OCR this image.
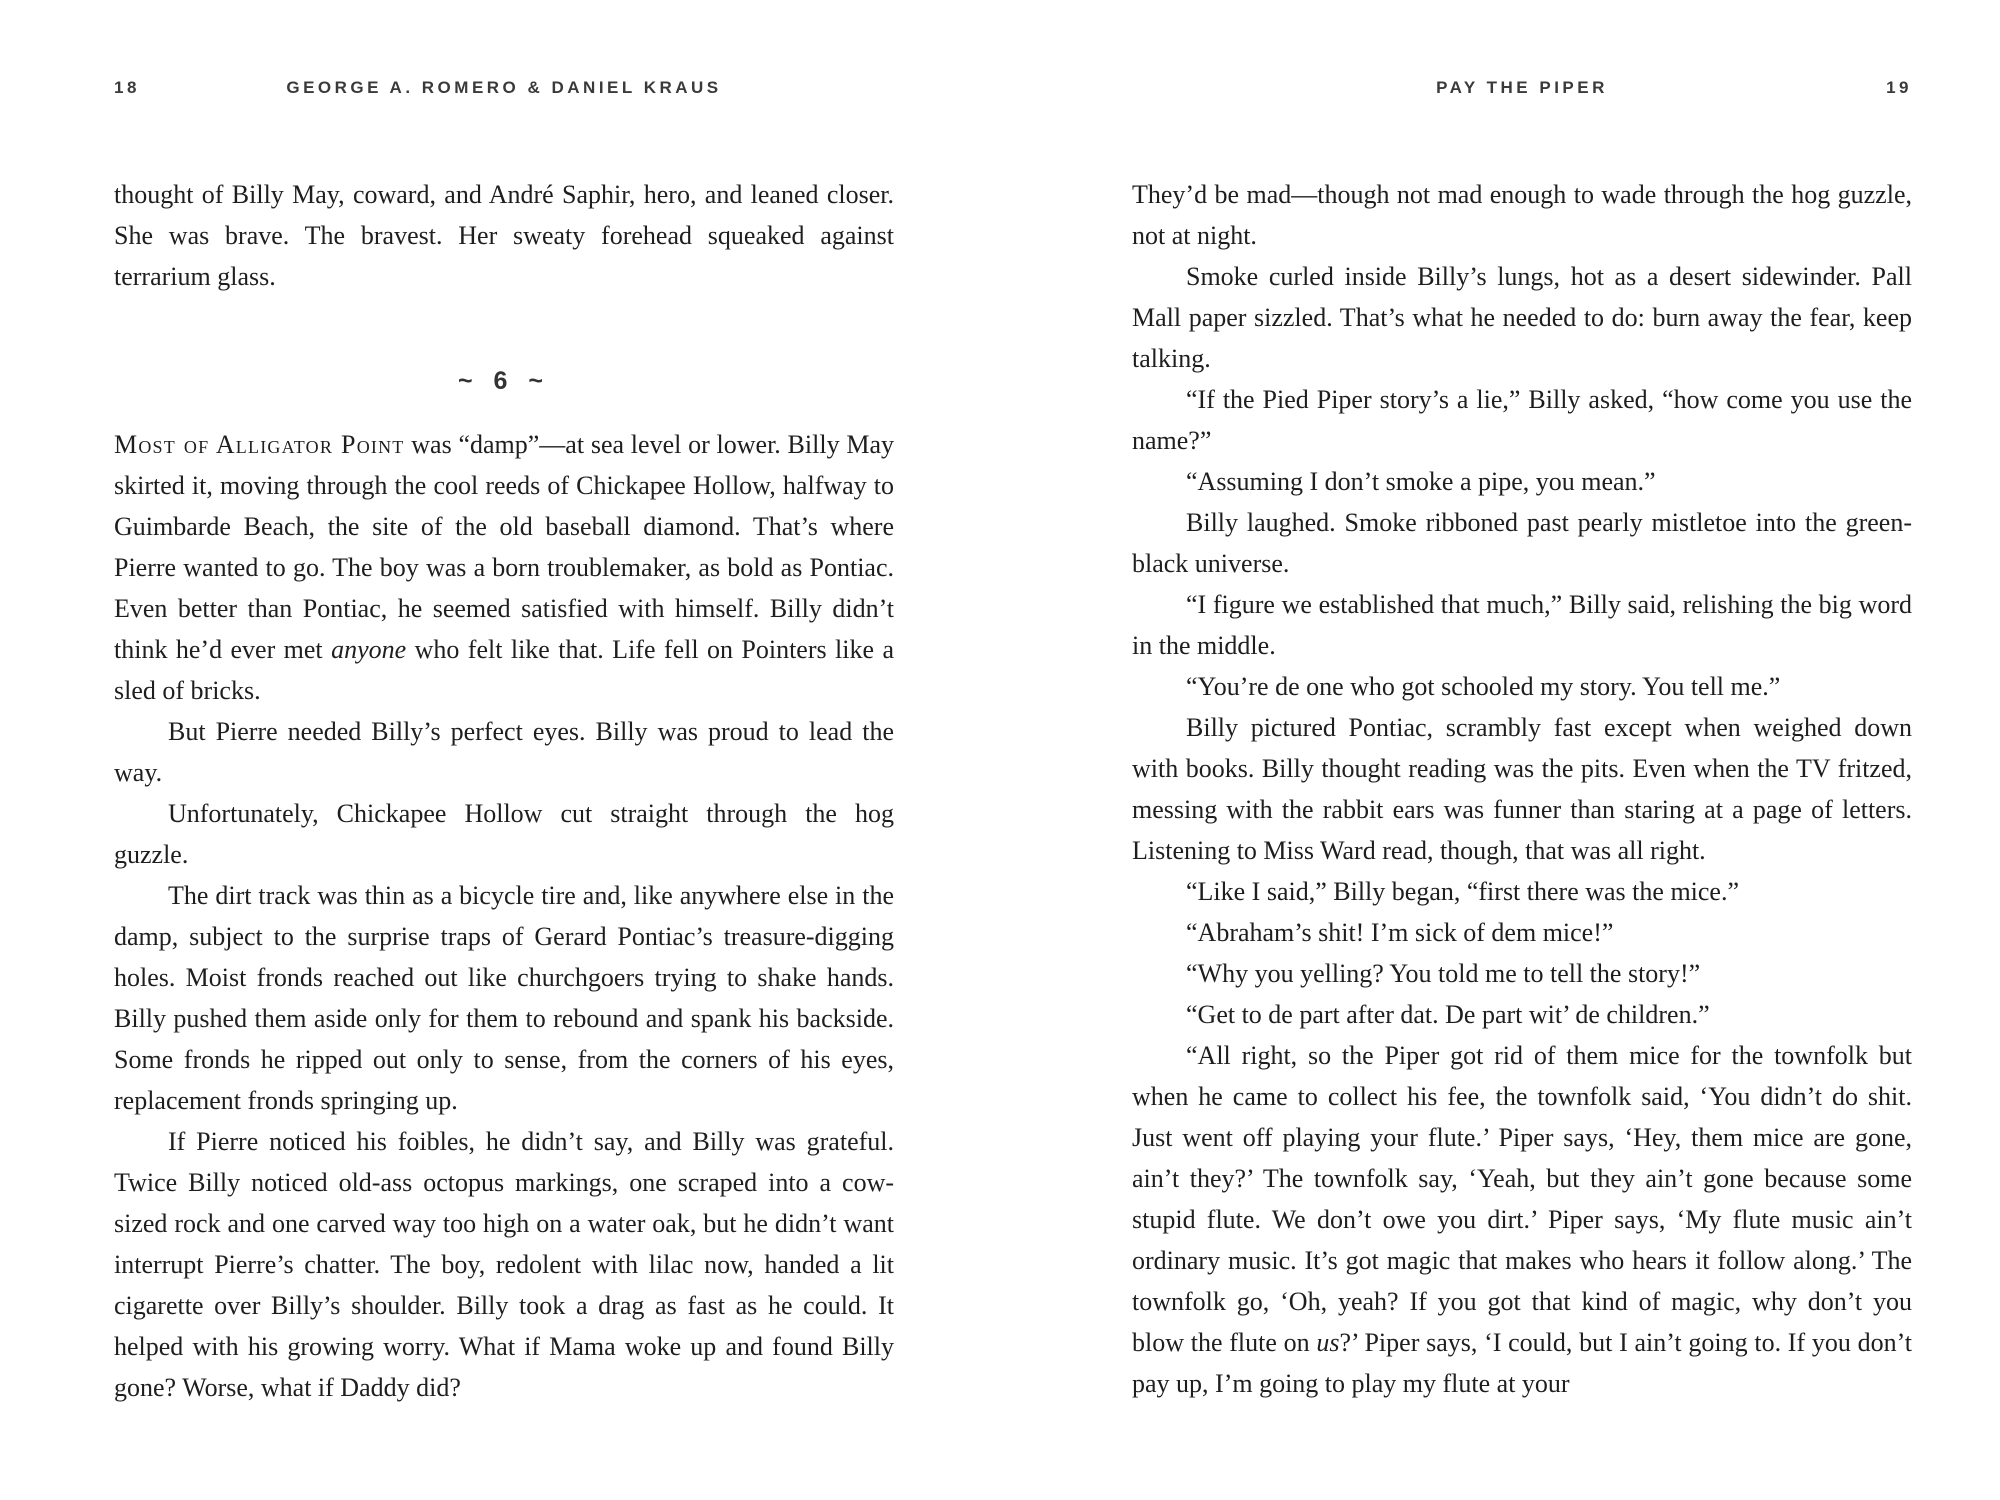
18	GEORGE A. ROMERO & DANIEL KRAUS

thought of Billy May, coward, and André Saphir, hero, and leaned closer. She was brave. The bravest. Her sweaty forehead squeaked against terrarium glass.

~ 6 ~

Most of Alligator Point was “damp”—at sea level or lower. Billy May skirted it, moving through the cool reeds of Chickapee Hollow, halfway to Guimbarde Beach, the site of the old baseball diamond. That’s where Pierre wanted to go. The boy was a born troublemaker, as bold as Pontiac. Even better than Pontiac, he seemed satisfied with himself. Billy didn’t think he’d ever met anyone who felt like that. Life fell on Pointers like a sled of bricks.

But Pierre needed Billy’s perfect eyes. Billy was proud to lead the way.

Unfortunately, Chickapee Hollow cut straight through the hog guzzle.

The dirt track was thin as a bicycle tire and, like anywhere else in the damp, subject to the surprise traps of Gerard Pontiac’s treasure-digging holes. Moist fronds reached out like churchgoers trying to shake hands. Billy pushed them aside only for them to rebound and spank his backside. Some fronds he ripped out only to sense, from the corners of his eyes, replacement fronds springing up.

If Pierre noticed his foibles, he didn’t say, and Billy was grateful. Twice Billy noticed old-ass octopus markings, one scraped into a cow-sized rock and one carved way too high on a water oak, but he didn’t want interrupt Pierre’s chatter. The boy, redolent with lilac now, handed a lit cigarette over Billy’s shoulder. Billy took a drag as fast as he could. It helped with his growing worry. What if Mama woke up and found Billy gone? Worse, what if Daddy did?

PAY THE PIPER	19

They’d be mad—though not mad enough to wade through the hog guzzle, not at night.

Smoke curled inside Billy’s lungs, hot as a desert sidewinder. Pall Mall paper sizzled. That’s what he needed to do: burn away the fear, keep talking.

“If the Pied Piper story’s a lie,” Billy asked, “how come you use the name?”

“Assuming I don’t smoke a pipe, you mean.”

Billy laughed. Smoke ribboned past pearly mistletoe into the green-black universe.

“I figure we established that much,” Billy said, relishing the big word in the middle.

“You’re de one who got schooled my story. You tell me.”

Billy pictured Pontiac, scrambly fast except when weighed down with books. Billy thought reading was the pits. Even when the TV fritzed, messing with the rabbit ears was funner than staring at a page of letters. Listening to Miss Ward read, though, that was all right.

“Like I said,” Billy began, “first there was the mice.”

“Abraham’s shit! I’m sick of dem mice!”

“Why you yelling? You told me to tell the story!”

“Get to de part after dat. De part wit’ de children.”

“All right, so the Piper got rid of them mice for the townfolk but when he came to collect his fee, the townfolk said, ‘You didn’t do shit. Just went off playing your flute.’ Piper says, ‘Hey, them mice are gone, ain’t they?’ The townfolk say, ‘Yeah, but they ain’t gone because some stupid flute. We don’t owe you dirt.’ Piper says, ‘My flute music ain’t ordinary music. It’s got magic that makes who hears it follow along.’ The townfolk go, ‘Oh, yeah? If you got that kind of magic, why don’t you blow the flute on us?’ Piper says, ‘I could, but I ain’t going to. If you don’t pay up, I’m going to play my flute at your
